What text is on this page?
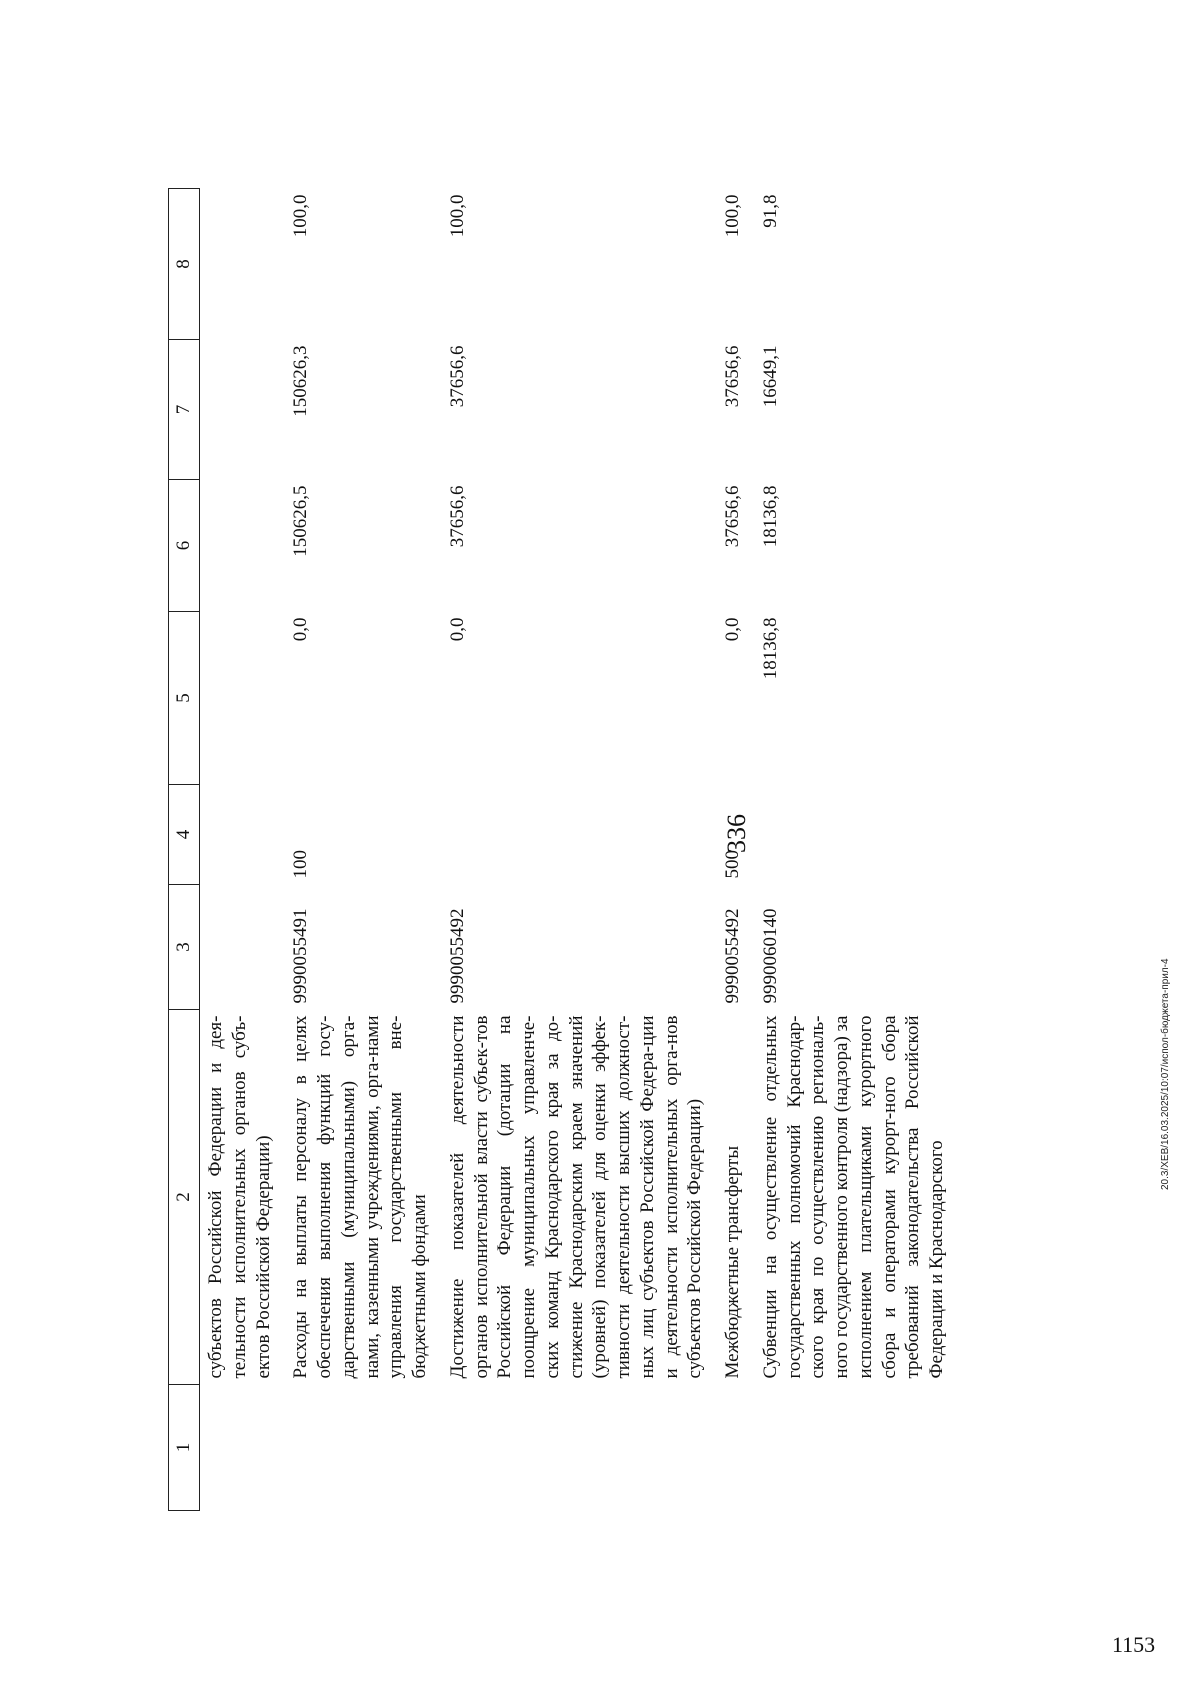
336
1	2	3	4	5	6	7	8
	субъектов Российской Федерации и дея-тельности исполнительных органов субъ-ектов Российской Федерации)						
	Расходы на выплаты персоналу в целях обеспечения выполнения функций госу-дарственными (муниципальными) орга-нами, казенными учреждениями, орга-нами управления государственными вне-бюджетными фондами	9990055491	100	0,0	150626,5	150626,3	100,0
	Достижение показателей деятельности органов исполнительной власти субъек-тов Российской Федерации (дотации на поощрение муниципальных управленче-ских команд Краснодарского края за до-стижение Краснодарским краем значений (уровней) показателей для оценки эффек-тивности деятельности высших должност-ных лиц субъектов Российской Федера-ции и деятельности исполнительных орга-нов субъектов Российской Федерации)	9990055492		0,0	37656,6	37656,6	100,0
	Межбюджетные трансферты	9990055492	500	0,0	37656,6	37656,6	100,0
	Субвенции на осуществление отдельных государственных полномочий Краснодар-ского края по осуществлению региональ-ного государственного контроля (надзора) за исполнением плательщиками курортного сбора и операторами курорт-ного сбора требований законодательства Российской Федерации и Краснодарского	9990060140		18136,8	18136,8	16649,1	91,8
20.3/ХЕВ/16.03.2025/10:07/испол-бюджета-прил-4
1153
